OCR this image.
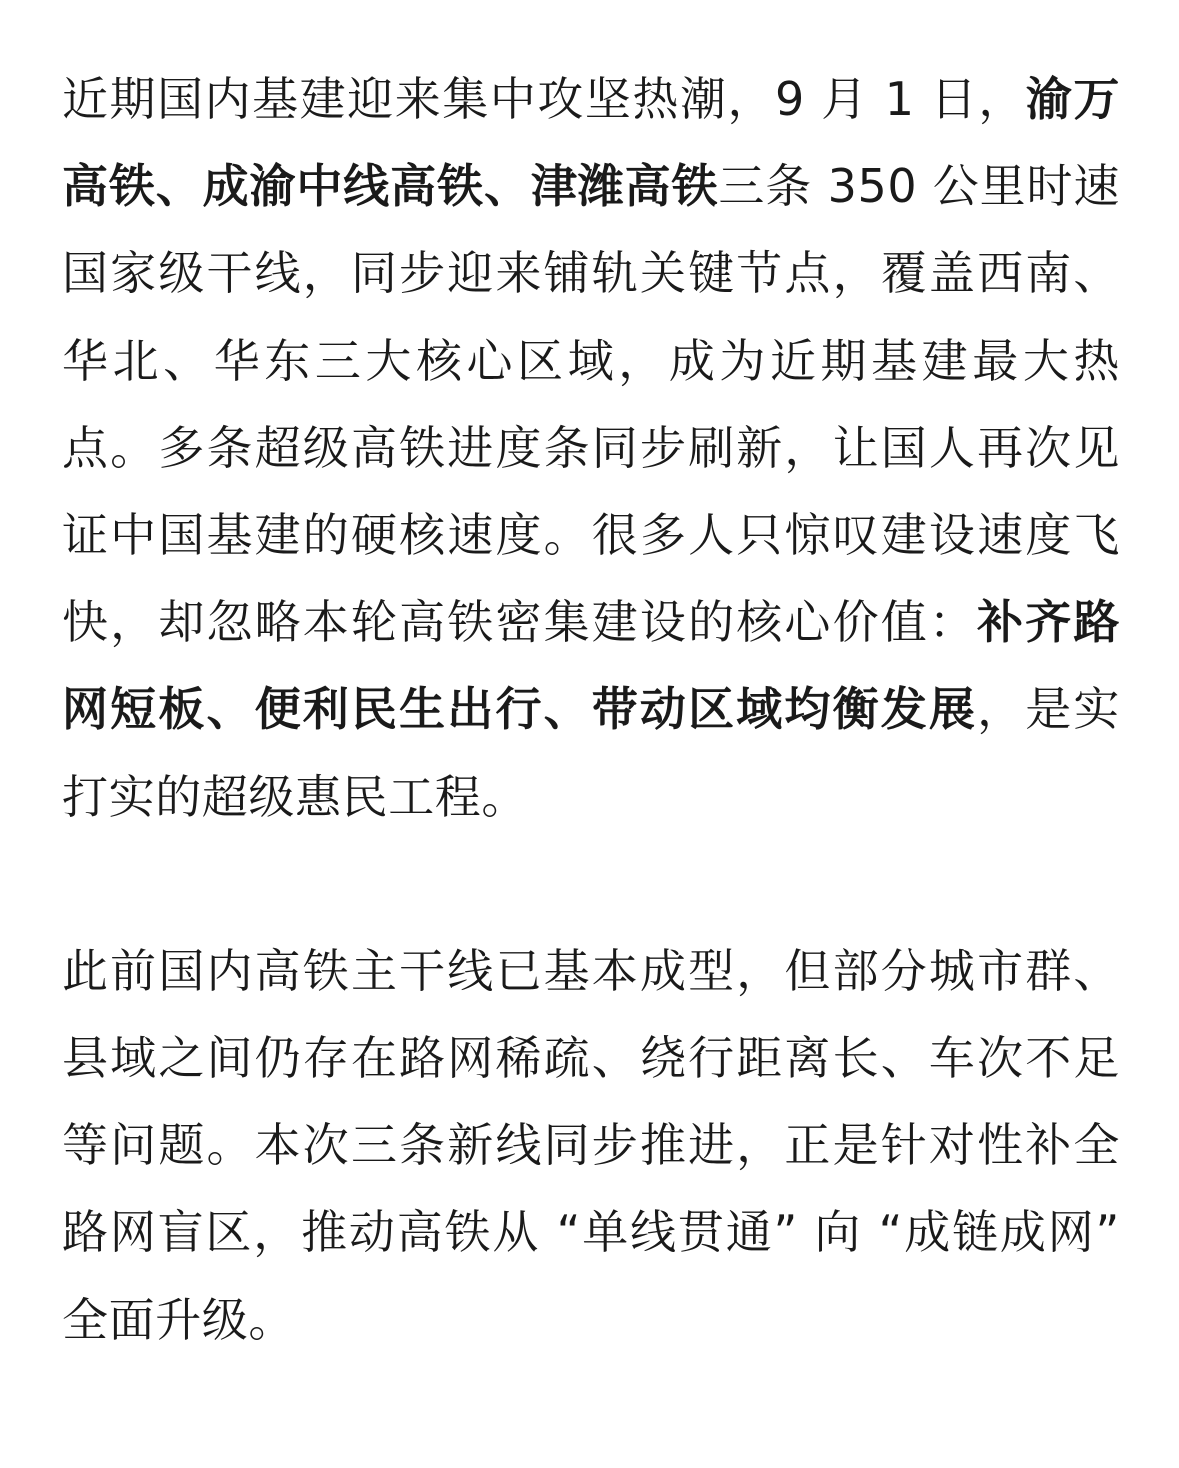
近期国内基建迎来集中攻坚热潮，9 月 1 日，渝万高铁、成渝中线高铁、津潍高铁三条 350 公里时速国家级干线，同步迎来铺轨关键节点，覆盖西南、华北、华东三大核心区域，成为近期基建最大热点。多条超级高铁进度条同步刷新，让国人再次见证中国基建的硬核速度。很多人只惊叹建设速度飞快，却忽略本轮高铁密集建设的核心价值：补齐路网短板、便利民生出行、带动区域均衡发展，是实打实的超级惠民工程。

此前国内高铁主干线已基本成型，但部分城市群、县域之间仍存在路网稀疏、绕行距离长、车次不足等问题。本次三条新线同步推进，正是针对性补全路网盲区，推动高铁从 “单线贯通” 向 “成链成网” 全面升级。
